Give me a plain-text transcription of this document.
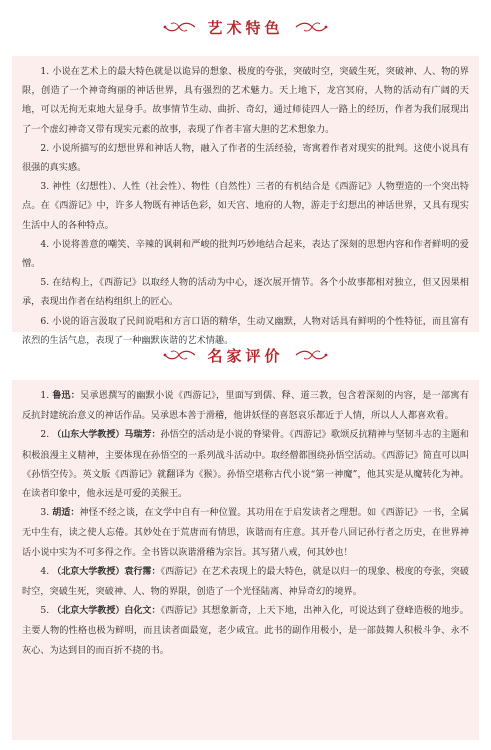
艺术特色

1. 小说在艺术上的最大特色就是以诡异的想象、极度的夸张，突破时空，突破生死，突破神、人、物的界限，创造了一个神奇绚丽的神话世界，具有强烈的艺术魅力。天上地下，龙宫冥府，人物的活动有广阔的天地，可以无拘无束地大显身手。故事情节生动、曲折、奇幻，通过师徒四人一路上的经历，作者为我们展现出了一个虚幻神奇又带有现实元素的故事，表现了作者丰富大胆的艺术想象力。

2. 小说所描写的幻想世界和神话人物，融入了作者的生活经验，寄寓着作者对现实的批判。这使小说具有很强的真实感。

3. 神性（幻想性）、人性（社会性）、物性（自然性）三者的有机结合是《西游记》人物塑造的一个突出特点。在《西游记》中，许多人物既有神话色彩，如天宫、地府的人物，游走于幻想出的神话世界，又具有现实生活中人的各种特点。

4. 小说将善意的嘲笑、辛辣的讽刺和严峻的批判巧妙地结合起来，表达了深刻的思想内容和作者鲜明的爱憎。

5. 在结构上，《西游记》以取经人物的活动为中心，逐次展开情节。各个小故事都相对独立，但又因果相承，表现出作者在结构组织上的匠心。

6. 小说的语言汲取了民间说唱和方言口语的精华，生动又幽默，人物对话具有鲜明的个性特征，而且富有浓烈的生活气息，表现了一种幽默诙谐的艺术情趣。

名家评价

1. 鲁迅：吴承恩撰写的幽默小说《西游记》，里面写到儒、释、道三教，包含着深刻的内容，是一部寓有反抗封建统治意义的神话作品。吴承恩本善于滑稽，他讲妖怪的喜怒哀乐都近于人情，所以人人都喜欢看。

2. （山东大学教授）马瑞芳：孙悟空的活动是小说的脊梁骨。《西游记》歌颂反抗精神与坚韧斗志的主题和积极浪漫主义精神，主要体现在孙悟空的一系列战斗活动中。取经僧都围绕孙悟空活动。《西游记》简直可以叫《孙悟空传》。英文版《西游记》就翻译为《猴》。孙悟空堪称古代小说“第一神魔”，他其实是从魔转化为神。在读者印象中，他永远是可爱的美猴王。

3. 胡适：神怪不经之谈，在文学中自有一种位置。其功用在于启发读者之理想。如《西游记》一书，全属无中生有，读之使人忘倦。其妙处在于荒唐而有情思，诙谐而有庄意。其开卷八回记孙行者之历史，在世界神话小说中实为不可多得之作。全书皆以诙谐滑稽为宗旨。其写猪八戒，何其妙也！

4. （北京大学教授）袁行霈：《西游记》在艺术表现上的最大特色，就是以归一的现象、极度的夸张，突破时空，突破生死，突破神、人、物的界限，创造了一个光怪陆离、神异奇幻的境界。

5. （北京大学教授）白化文：《西游记》其想象新奇，上天下地，出神入化，可说达到了登峰造极的地步。主要人物的性格也极为鲜明，而且读者面最宽，老少咸宜。此书的副作用极小，是一部鼓舞人积极斗争、永不灰心、为达到目的而百折不挠的书。
